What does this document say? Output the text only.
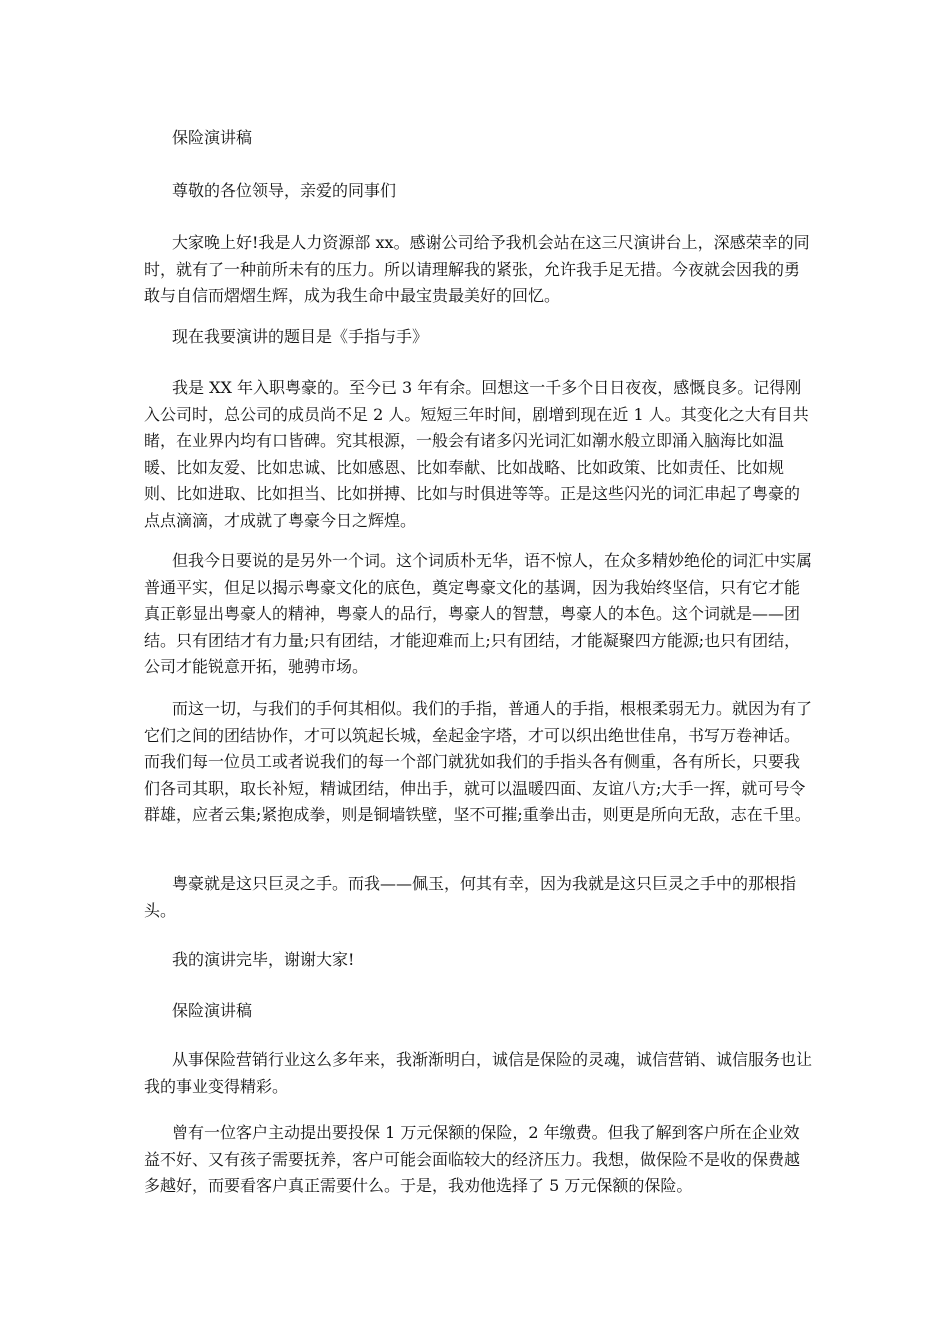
保险演讲稿
尊敬的各位领导，亲爱的同事们
大家晚上好!我是人力资源部 xx。感谢公司给予我机会站在这三尺演讲台上，深感荣幸的同时，就有了一种前所未有的压力。所以请理解我的紧张，允许我手足无措。今夜就会因我的勇敢与自信而熠熠生辉，成为我生命中最宝贵最美好的回忆。
现在我要演讲的题目是《手指与手》
我是 XX 年入职粤豪的。至今已 3 年有余。回想这一千多个日日夜夜，感慨良多。记得刚入公司时，总公司的成员尚不足 2 人。短短三年时间，剧增到现在近 1 人。其变化之大有目共睹，在业界内均有口皆碑。究其根源，一般会有诸多闪光词汇如潮水般立即涌入脑海比如温暖、比如友爱、比如忠诚、比如感恩、比如奉献、比如战略、比如政策、比如责任、比如规则、比如进取、比如担当、比如拼搏、比如与时俱进等等。正是这些闪光的词汇串起了粤豪的点点滴滴，才成就了粤豪今日之辉煌。
但我今日要说的是另外一个词。这个词质朴无华，语不惊人，在众多精妙绝伦的词汇中实属普通平实，但足以揭示粤豪文化的底色，奠定粤豪文化的基调，因为我始终坚信，只有它才能真正彰显出粤豪人的精神，粤豪人的品行，粤豪人的智慧，粤豪人的本色。这个词就是——团结。只有团结才有力量;只有团结，才能迎难而上;只有团结，才能凝聚四方能源;也只有团结，公司才能锐意开拓，驰骋市场。
而这一切，与我们的手何其相似。我们的手指，普通人的手指，根根柔弱无力。就因为有了它们之间的团结协作，才可以筑起长城，垒起金字塔，才可以织出绝世佳帛，书写万卷神话。而我们每一位员工或者说我们的每一个部门就犹如我们的手指头各有侧重，各有所长，只要我们各司其职，取长补短，精诚团结，伸出手，就可以温暖四面、友谊八方;大手一挥，就可号令群雄，应者云集;紧抱成拳，则是铜墙铁壁，坚不可摧;重拳出击，则更是所向无敌，志在千里。
粤豪就是这只巨灵之手。而我——佩玉，何其有幸，因为我就是这只巨灵之手中的那根指头。
我的演讲完毕，谢谢大家!
保险演讲稿
从事保险营销行业这么多年来，我渐渐明白，诚信是保险的灵魂，诚信营销、诚信服务也让我的事业变得精彩。
曾有一位客户主动提出要投保 1 万元保额的保险，2 年缴费。但我了解到客户所在企业效益不好、又有孩子需要抚养，客户可能会面临较大的经济压力。我想，做保险不是收的保费越多越好，而要看客户真正需要什么。于是，我劝他选择了 5 万元保额的保险。
